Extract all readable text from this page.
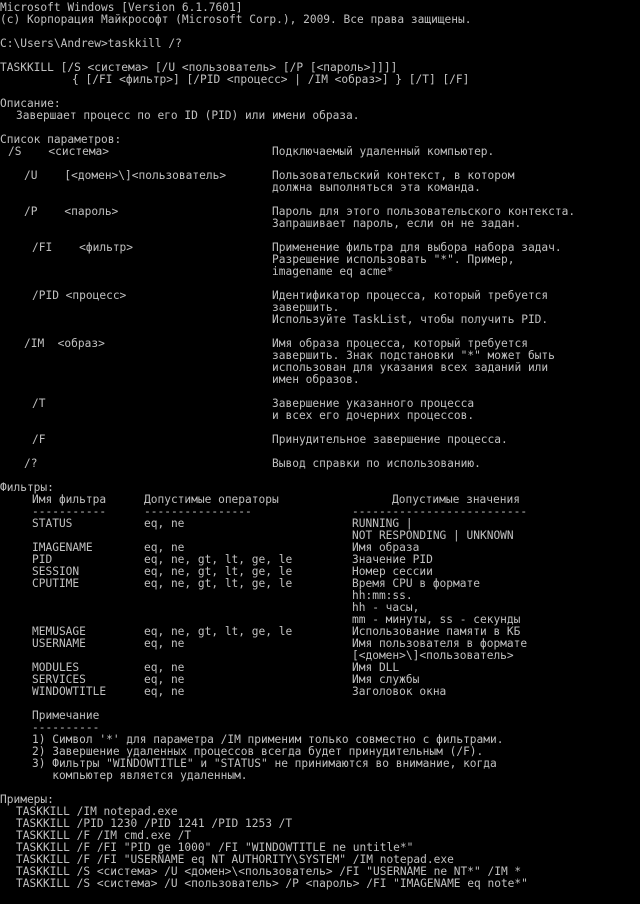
Microsoft Windows [Version 6.1.7601]
(c) Корпорация Майкрософт (Microsoft Corp.), 2009. Все права защищены.
C:\Users\Andrew>taskkill /?
TASKKILL [/S <система> [/U <пользователь> [/P [<пароль>]]]]
{ [/FI <фильтр>] [/PID <процесс> | /IM <образ>] } [/T] [/F]
Описание:
Завершает процесс по его ID (PID) или имени образа.
Список параметров:
/S    <система>	Подключаемый удаленный компьютер.
/U    [<домен>\]<пользователь>	Пользовательский контекст, в котором
должна выполняться эта команда.
/P    <пароль>	Пароль для этого пользовательского контекста.
Запрашивает пароль, если он не задан.
/FI    <фильтр>	Применение фильтра для выбора набора задач.
Разрешение использовать "*". Пример,
imagename eq acme*
/PID <процесс>	Идентификатор процесса, который требуется
завершить.
Используйте TaskList, чтобы получить PID.
/IM  <образ>	Имя образа процесса, который требуется
завершить. Знак подстановки "*" может быть
использован для указания всех заданий или
имен образов.
/T	Завершение указанного процесса
и всех его дочерних процессов.
/F	Принудительное завершение процесса.
/?	Вывод справки по использованию.
Фильтры:
Имя фильтра	Допустимые операторы	Допустимые значения
-----------	----------------	--------------------------
STATUS	eq, ne	RUNNING |
NOT RESPONDING | UNKNOWN
IMAGENAME	eq, ne	Имя образа
PID	eq, ne, gt, lt, ge, le	Значение PID
SESSION	eq, ne, gt, lt, ge, le	Номер сессии
CPUTIME	eq, ne, gt, lt, ge, le	Время CPU в формате
hh:mm:ss.
hh - часы,
mm - минуты, ss - секунды
MEMUSAGE	eq, ne, gt, lt, ge, le	Использование памяти в КБ
USERNAME	eq, ne	Имя пользователя в формате
[<домен>\]<пользователь>
MODULES	eq, ne	Имя DLL
SERVICES	eq, ne	Имя службы
WINDOWTITLE	eq, ne	Заголовок окна
Примечание
----------
1) Символ '*' для параметра /IM применим только совместно с фильтрами.
2) Завершение удаленных процессов всегда будет принудительным (/F).
3) Фильтры "WINDOWTITLE" и "STATUS" не принимаются во внимание, когда
компьютер является удаленным.
Примеры:
TASKKILL /IM notepad.exe
TASKKILL /PID 1230 /PID 1241 /PID 1253 /T
TASKKILL /F /IM cmd.exe /T
TASKKILL /F /FI "PID ge 1000" /FI "WINDOWTITLE ne untitle*"
TASKKILL /F /FI "USERNAME eq NT AUTHORITY\SYSTEM" /IM notepad.exe
TASKKILL /S <система> /U <домен>\<пользователь> /FI "USERNAME ne NT*" /IM *
TASKKILL /S <система> /U <пользователь> /P <пароль> /FI "IMAGENAME eq note*"
